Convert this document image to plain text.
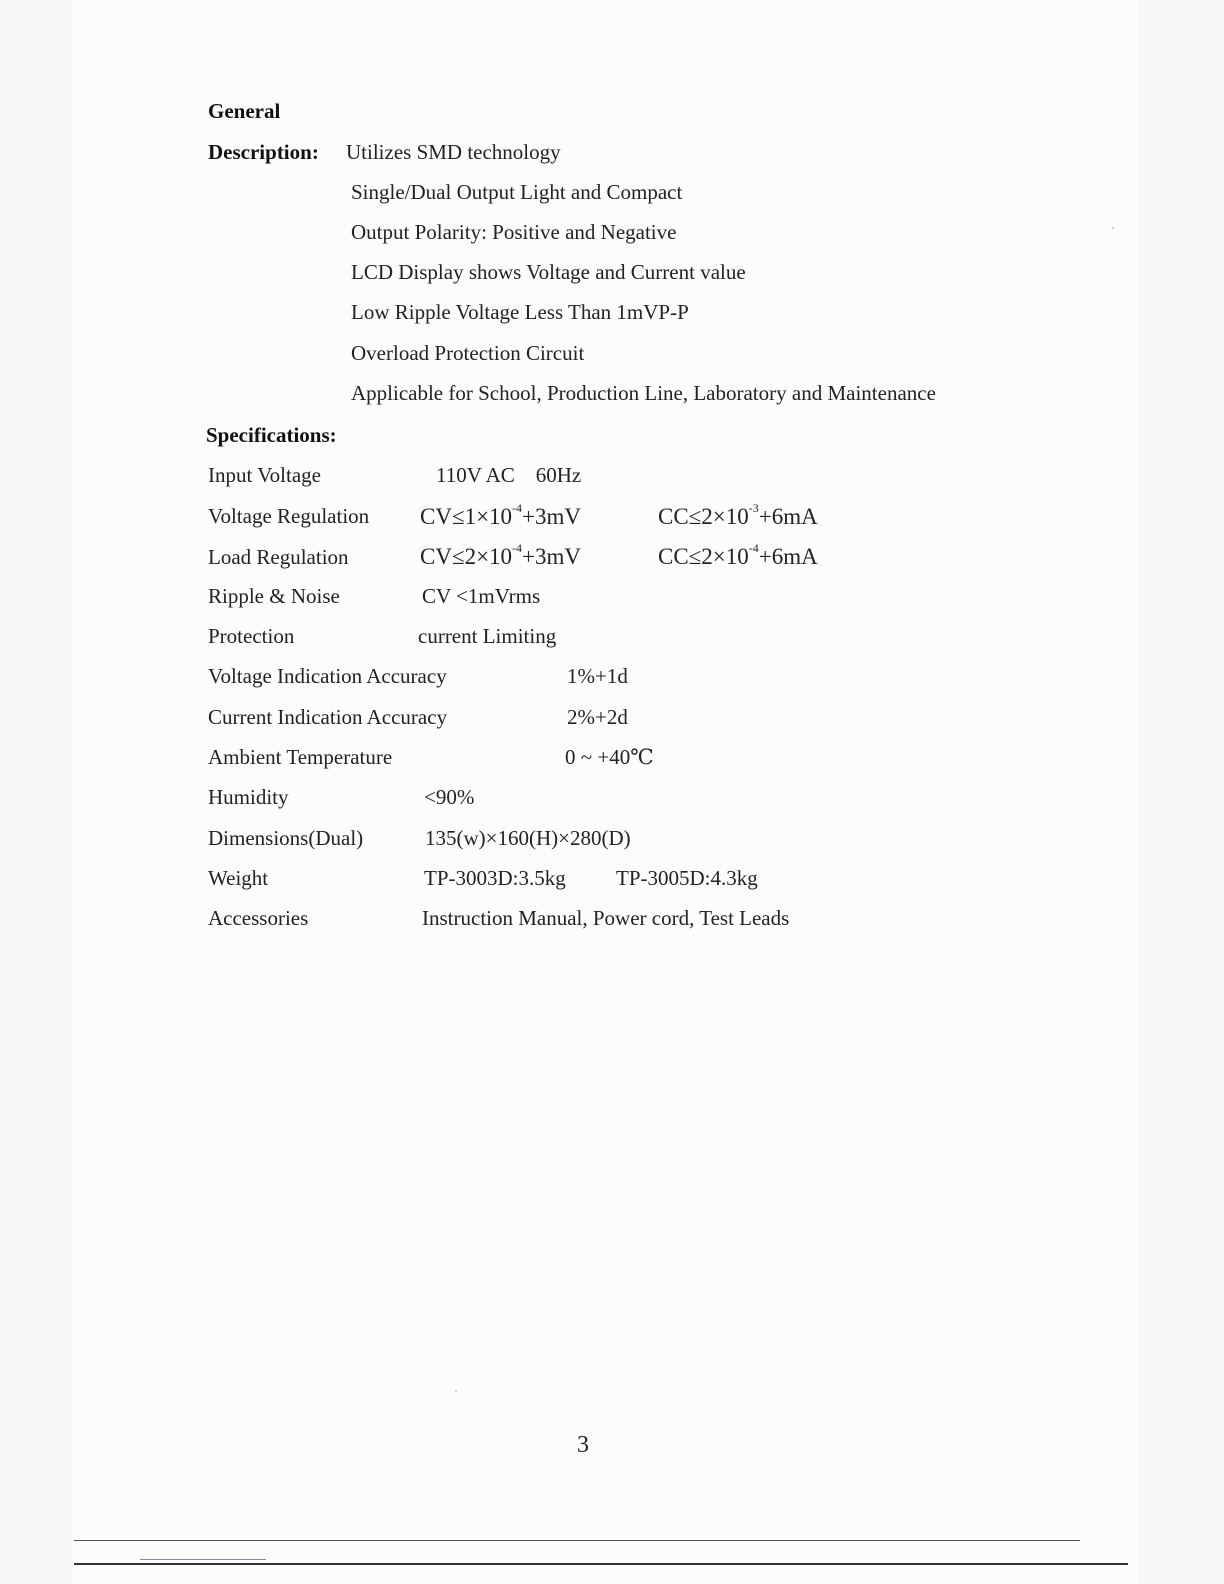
General
Description: Utilizes SMD technology
Single/Dual Output Light and Compact
Output Polarity: Positive and Negative
LCD Display shows Voltage and Current value
Low Ripple Voltage Less Than 1mVP-P
Overload Protection Circuit
Applicable for School, Production Line, Laboratory and Maintenance
Specifications:
Input Voltage	110V AC    60Hz
Voltage Regulation $CV\le 1\times 10^{-4}+3mV$	$CC\le 2\times 10^{-3}+6mA$
Load Regulation	$CV\le 2\times 10^{-4}+3mV$	$CC\le 2\times 10^{-4}+6mA$
Ripple & Noise	CV <1mVrms
Protection	current Limiting
Voltage Indication Accuracy	1%+1d
Current Indication Accuracy	2%+2d
Ambient Temperature	0 ~ +40℃
Humidity	<90%
Dimensions(Dual)	135(w)×160(H)×280(D)
Weight	TP-3003D:3.5kg TP-3005D:4.3kg
Accessories	Instruction Manual, Power cord, Test Leads
3
